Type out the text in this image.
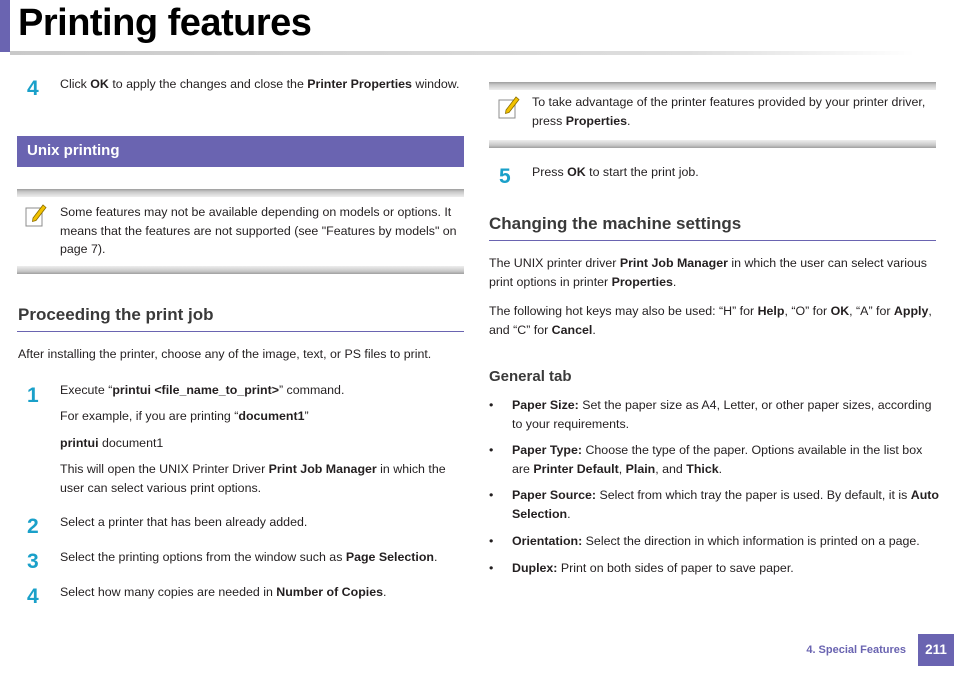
Printing features
4 Click OK to apply the changes and close the Printer Properties window.
Unix printing
Some features may not be available depending on models or options. It
means that the features are not supported (see "Features by models" on
page 7).
Proceeding the print job
After installing the printer, choose any of the image, text, or PS files to print.
1 Execute “printui <file_name_to_print>” command.
For example, if you are printing “document1”
printui document1
This will open the UNIX Printer Driver Print Job Manager in which the
user can select various print options.
2 Select a printer that has been already added.
3 Select the printing options from the window such as Page Selection.
4 Select how many copies are needed in Number of Copies.
To take advantage of the printer features provided by your printer driver,
press Properties.
5 Press OK to start the print job.
Changing the machine settings
The UNIX printer driver Print Job Manager in which the user can select various
print options in printer Properties.
The following hot keys may also be used: “H” for Help, “O” for OK, “A” for Apply,
and “C” for Cancel.
General tab
•	Paper Size: Set the paper size as A4, Letter, or other paper sizes, according
to your requirements.
•	Paper Type: Choose the type of the paper. Options available in the list box
are Printer Default, Plain, and Thick.
•	Paper Source: Select from which tray the paper is used. By default, it is Auto
Selection.
•	Orientation: Select the direction in which information is printed on a page.
•	Duplex: Print on both sides of paper to save paper.
4. Special Features	211
